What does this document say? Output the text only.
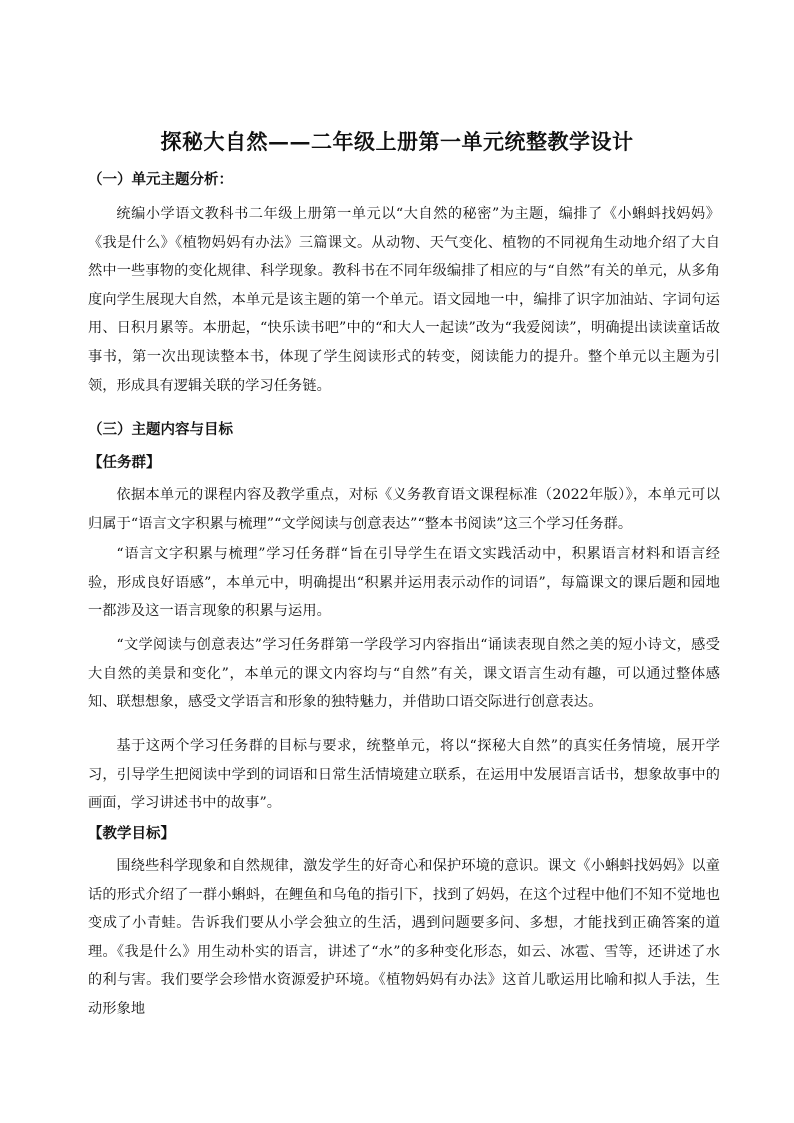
探秘大自然——二年级上册第一单元统整教学设计
（一）单元主题分析：
统编小学语文教科书二年级上册第一单元以“大自然的秘密”为主题，编排了《小蝌蚪找妈妈》《我是什么》《植物妈妈有办法》三篇课文。从动物、天气变化、植物的不同视角生动地介绍了大自然中一些事物的变化规律、科学现象。教科书在不同年级编排了相应的与“自然”有关的单元，从多角度向学生展现大自然，本单元是该主题的第一个单元。语文园地一中，编排了识字加油站、字词句运用、日积月累等。本册起，“快乐读书吧”中的“和大人一起读”改为“我爱阅读”，明确提出读读童话故事书，第一次出现读整本书，体现了学生阅读形式的转变，阅读能力的提升。整个单元以主题为引领，形成具有逻辑关联的学习任务链。
（三）主题内容与目标
【任务群】
依据本单元的课程内容及教学重点，对标《义务教育语文课程标准（2022年版）》，本单元可以归属于“语言文字积累与梳理”“文学阅读与创意表达”“整本书阅读”这三个学习任务群。
“语言文字积累与梳理”学习任务群“旨在引导学生在语文实践活动中，积累语言材料和语言经验，形成良好语感”，本单元中，明确提出“积累并运用表示动作的词语”，每篇课文的课后题和园地一都涉及这一语言现象的积累与运用。
“文学阅读与创意表达”学习任务群第一学段学习内容指出“诵读表现自然之美的短小诗文，感受大自然的美景和变化”，本单元的课文内容均与“自然”有关，课文语言生动有趣，可以通过整体感知、联想想象，感受文学语言和形象的独特魅力，并借助口语交际进行创意表达。
基于这两个学习任务群的目标与要求，统整单元，将以“探秘大自然”的真实任务情境，展开学习，引导学生把阅读中学到的词语和日常生活情境建立联系，在运用中发展语言话书，想象故事中的画面，学习讲述书中的故事”。
【教学目标】
围绕些科学现象和自然规律，激发学生的好奇心和保护环境的意识。课文《小蝌蚪找妈妈》以童话的形式介绍了一群小蝌蚪，在鲤鱼和乌龟的指引下，找到了妈妈，在这个过程中他们不知不觉地也变成了小青蛙。告诉我们要从小学会独立的生活，遇到问题要多问、多想，才能找到正确答案的道理。《我是什么》用生动朴实的语言，讲述了“水”的多种变化形态，如云、冰雹、雪等，还讲述了水的利与害。我们要学会珍惜水资源爱护环境。《植物妈妈有办法》这首儿歌运用比喻和拟人手法，生动形象地
